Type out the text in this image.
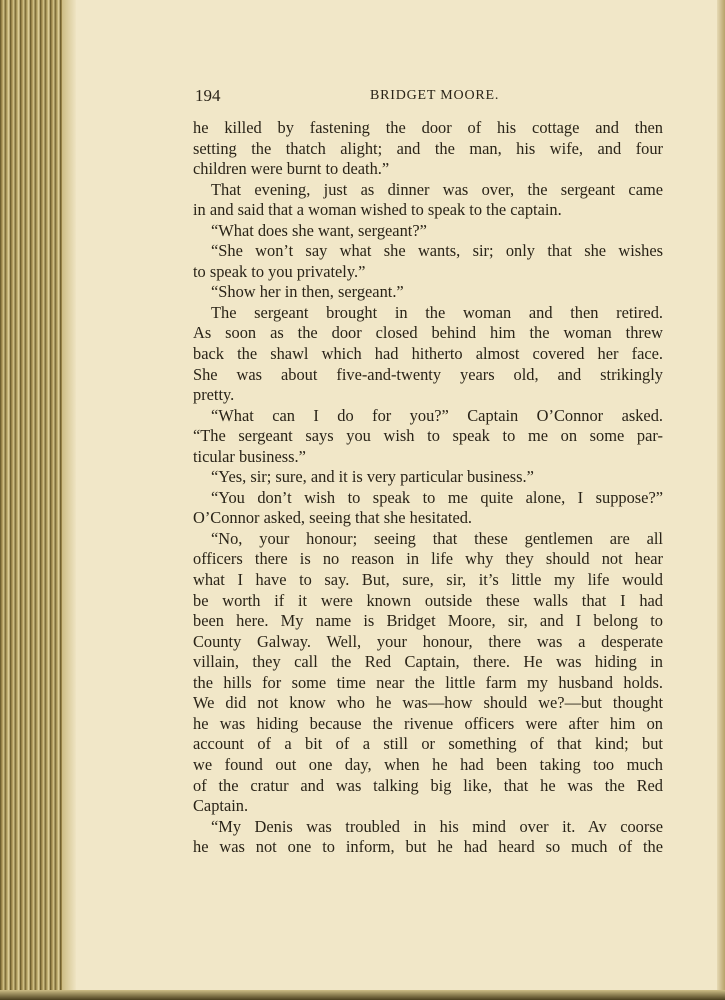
194	BRIDGET MOORE.
he killed by fastening the door of his cottage and then
setting the thatch alight; and the man, his wife, and four
children were burnt to death.”
That evening, just as dinner was over, the sergeant came
in and said that a woman wished to speak to the captain.
“What does she want, sergeant?”
“She won’t say what she wants, sir; only that she wishes
to speak to you privately.”
“Show her in then, sergeant.”
The sergeant brought in the woman and then retired.
As soon as the door closed behind him the woman threw
back the shawl which had hitherto almost covered her face.
She was about five-and-twenty years old, and strikingly
pretty.
“What can I do for you?” Captain O’Connor asked.
“The sergeant says you wish to speak to me on some par-
ticular business.”
“Yes, sir; sure, and it is very particular business.”
“You don’t wish to speak to me quite alone, I suppose?”
O’Connor asked, seeing that she hesitated.
“No, your honour; seeing that these gentlemen are all
officers there is no reason in life why they should not hear
what I have to say. But, sure, sir, it’s little my life would
be worth if it were known outside these walls that I had
been here. My name is Bridget Moore, sir, and I belong to
County Galway. Well, your honour, there was a desperate
villain, they call the Red Captain, there. He was hiding in
the hills for some time near the little farm my husband holds.
We did not know who he was—how should we?—but thought
he was hiding because the rivenue officers were after him on
account of a bit of a still or something of that kind; but
we found out one day, when he had been taking too much
of the cratur and was talking big like, that he was the Red
Captain.
“My Denis was troubled in his mind over it. Av coorse
he was not one to inform, but he had heard so much of the
